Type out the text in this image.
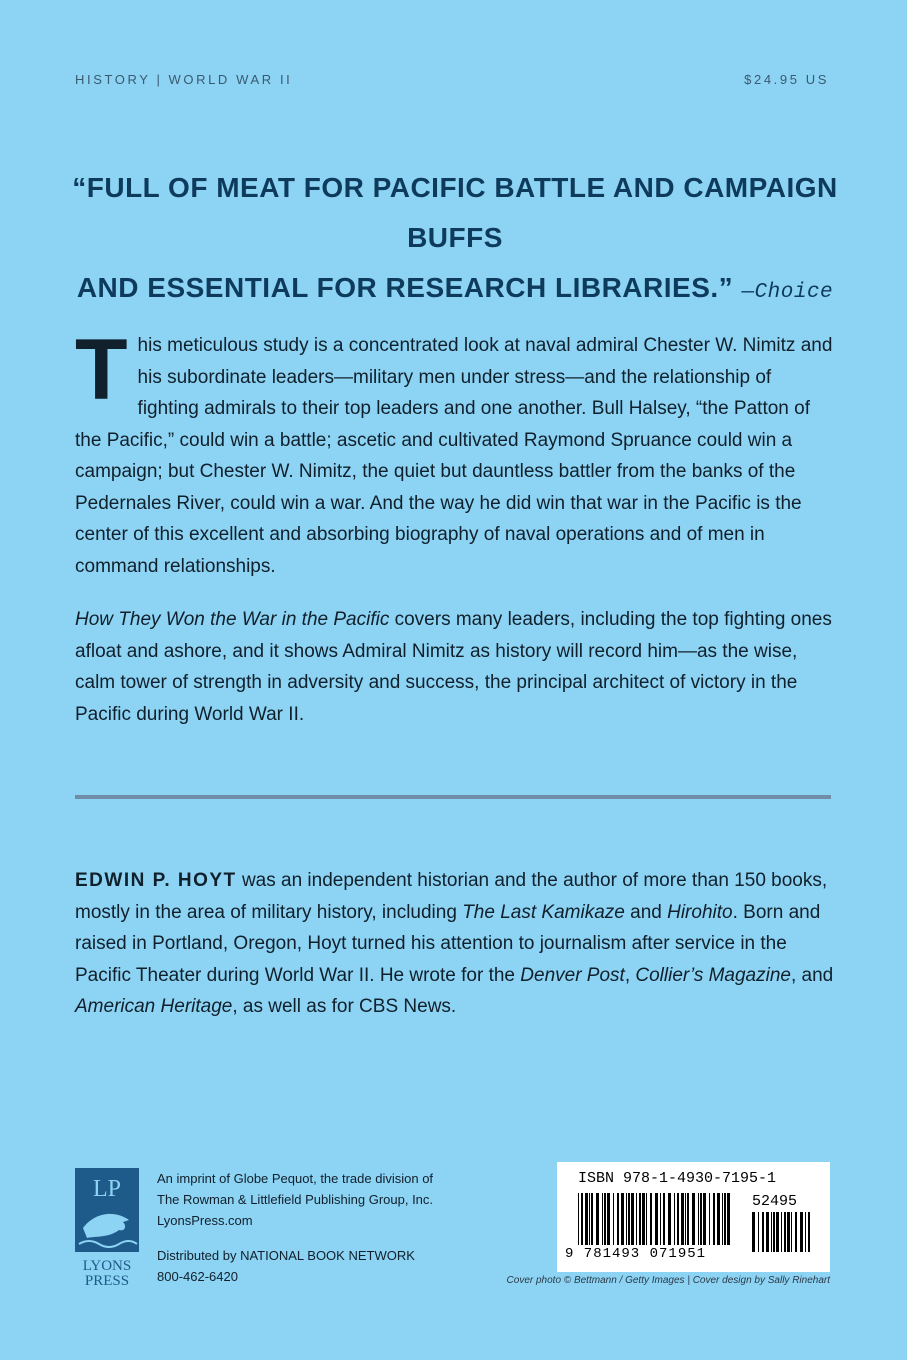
HISTORY | WORLD WAR II	$24.95 US
“FULL OF MEAT FOR PACIFIC BATTLE AND CAMPAIGN BUFFS
AND ESSENTIAL FOR RESEARCH LIBRARIES.” —Choice

This meticulous study is a concentrated look at naval admiral Chester W. Nimitz and his subordinate leaders—military men under stress—and the relationship of fighting admirals to their top leaders and one another. Bull Halsey, “the Patton of the Pacific,” could win a battle; ascetic and cultivated Raymond Spruance could win a campaign; but Chester W. Nimitz, the quiet but dauntless battler from the banks of the Pedernales River, could win a war. And the way he did win that war in the Pacific is the center of this excellent and absorbing biography of naval operations and of men in command relationships.

How They Won the War in the Pacific covers many leaders, including the top fighting ones afloat and ashore, and it shows Admiral Nimitz as history will record him—as the wise, calm tower of strength in adversity and success, the principal architect of victory in the Pacific during World War II.

EDWIN P. HOYT was an independent historian and the author of more than 150 books, mostly in the area of military history, including The Last Kamikaze and Hirohito. Born and raised in Portland, Oregon, Hoyt turned his attention to journalism after service in the Pacific Theater during World War II. He wrote for the Denver Post, Collier’s Magazine, and American Heritage, as well as for CBS News.
LP
LYONS
PRESS
An imprint of Globe Pequot, the trade division of
The Rowman & Littlefield Publishing Group, Inc.
LyonsPress.com
Distributed by NATIONAL BOOK NETWORK
800-462-6420
ISBN 978-1-4930-7195-1
52495
9 781493 071951
Cover photo © Bettmann / Getty Images | Cover design by Sally Rinehart
